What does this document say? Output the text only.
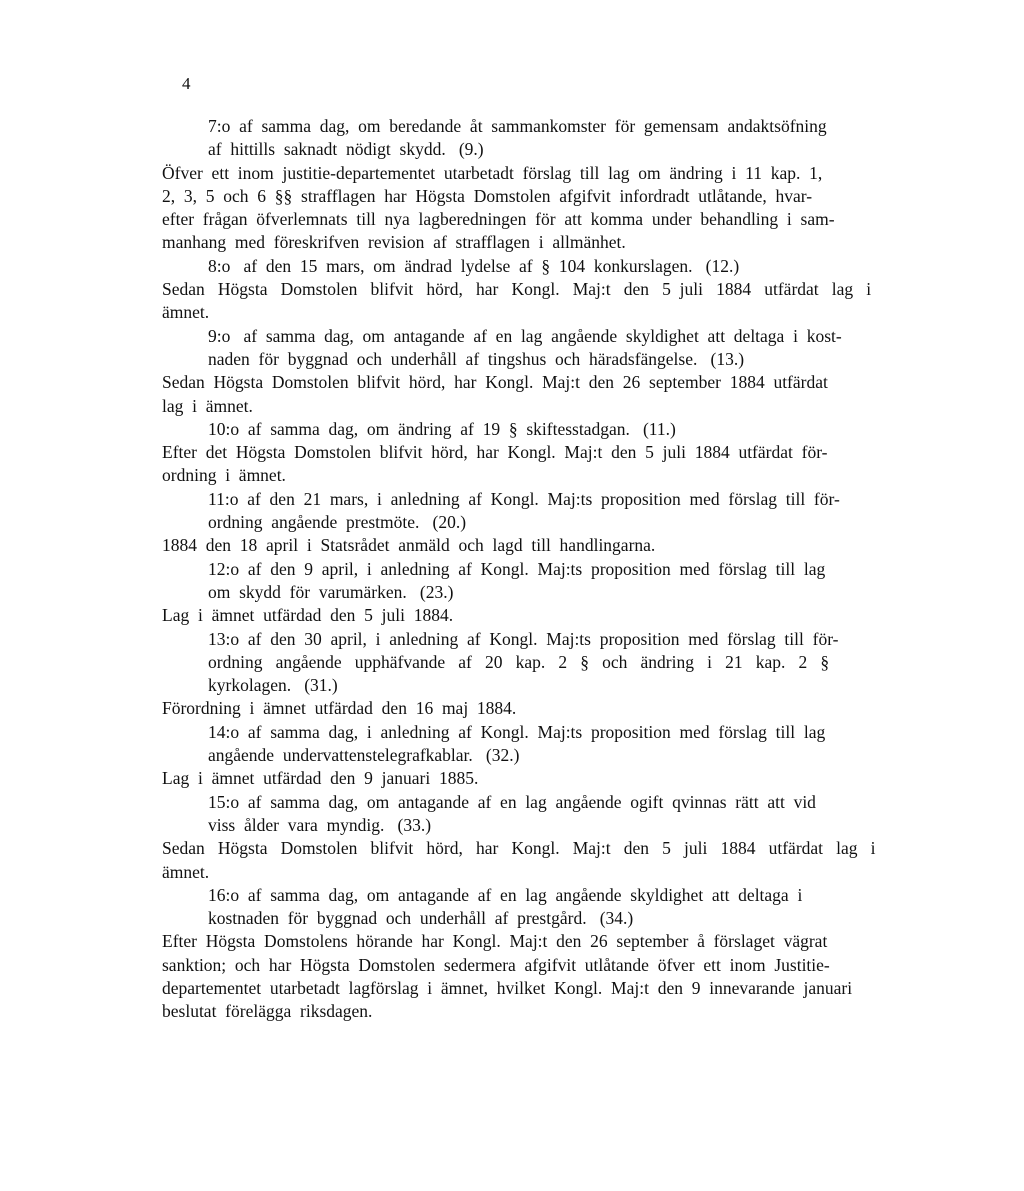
4
7:o  af  samma  dag,  om  beredande  åt  sammankomster  för  gemensam  andaktsöfning
af  hittills  saknadt  nödigt  skydd.   (9.)
Öfver  ett  inom  justitie-departementet  utarbetadt  förslag  till  lag  om  ändring  i  11  kap.  1,
2,  3,  5  och  6  §§  strafflagen  har  Högsta  Domstolen  afgifvit  infordradt  utlåtande,  hvar-
efter  frågan  öfverlemnats  till  nya  lagberedningen  för  att  komma  under  behandling  i  sam-
manhang  med  föreskrifven  revision  af  strafflagen  i  allmänhet.
8:o   af  den  15  mars,  om  ändrad  lydelse  af  §  104  konkurslagen.   (12.)
Sedan   Högsta   Domstolen   blifvit   hörd,   har   Kongl.   Maj:t   den   5  juli   1884   utfärdat   lag   i
ämnet.
9:o   af  samma  dag,  om  antagande  af  en  lag  angående  skyldighet  att  deltaga  i  kost-
naden  för  byggnad  och  underhåll  af  tingshus  och  häradsfängelse.   (13.)
Sedan  Högsta  Domstolen  blifvit  hörd,  har  Kongl.  Maj:t  den  26  september  1884  utfärdat
lag  i  ämnet.
10:o  af  samma  dag,  om  ändring  af  19  §  skiftesstadgan.   (11.)
Efter  det  Högsta  Domstolen  blifvit  hörd,  har  Kongl.  Maj:t  den  5  juli  1884  utfärdat  för-
ordning  i  ämnet.
11:o  af  den  21  mars,  i  anledning  af  Kongl.  Maj:ts  proposition  med  förslag  till  för-
ordning  angående  prestmöte.   (20.)
1884  den  18  april  i  Statsrådet  anmäld  och  lagd  till  handlingarna.
12:o  af  den  9  april,  i  anledning  af  Kongl.  Maj:ts  proposition  med  förslag  till  lag
om  skydd  för  varumärken.   (23.)
Lag  i  ämnet  utfärdad  den  5  juli  1884.
13:o  af  den  30  april,  i  anledning  af  Kongl.  Maj:ts  proposition  med  förslag  till  för-
ordning   angående   upphäfvande   af   20   kap.   2   §   och   ändring   i   21   kap.   2   §
kyrkolagen.   (31.)
Förordning  i  ämnet  utfärdad  den  16  maj  1884.
14:o  af  samma  dag,  i  anledning  af  Kongl.  Maj:ts  proposition  med  förslag  till  lag
angående  undervattenstelegrafkablar.   (32.)
Lag  i  ämnet  utfärdad  den  9  januari  1885.
15:o  af  samma  dag,  om  antagande  af  en  lag  angående  ogift  qvinnas  rätt  att  vid
viss  ålder  vara  myndig.   (33.)
Sedan   Högsta   Domstolen   blifvit   hörd,   har   Kongl.   Maj:t   den   5   juli   1884   utfärdat   lag   i
ämnet.
16:o  af  samma  dag,  om  antagande  af  en  lag  angående  skyldighet  att  deltaga  i
kostnaden  för  byggnad  och  underhåll  af  prestgård.   (34.)
Efter  Högsta  Domstolens  hörande  har  Kongl.  Maj:t  den  26  september  å  förslaget  vägrat
sanktion;  och  har  Högsta  Domstolen  sedermera  afgifvit  utlåtande  öfver  ett  inom  Justitie-
departementet  utarbetadt  lagförslag  i  ämnet,  hvilket  Kongl.  Maj:t  den  9  innevarande  januari
beslutat  förelägga  riksdagen.
